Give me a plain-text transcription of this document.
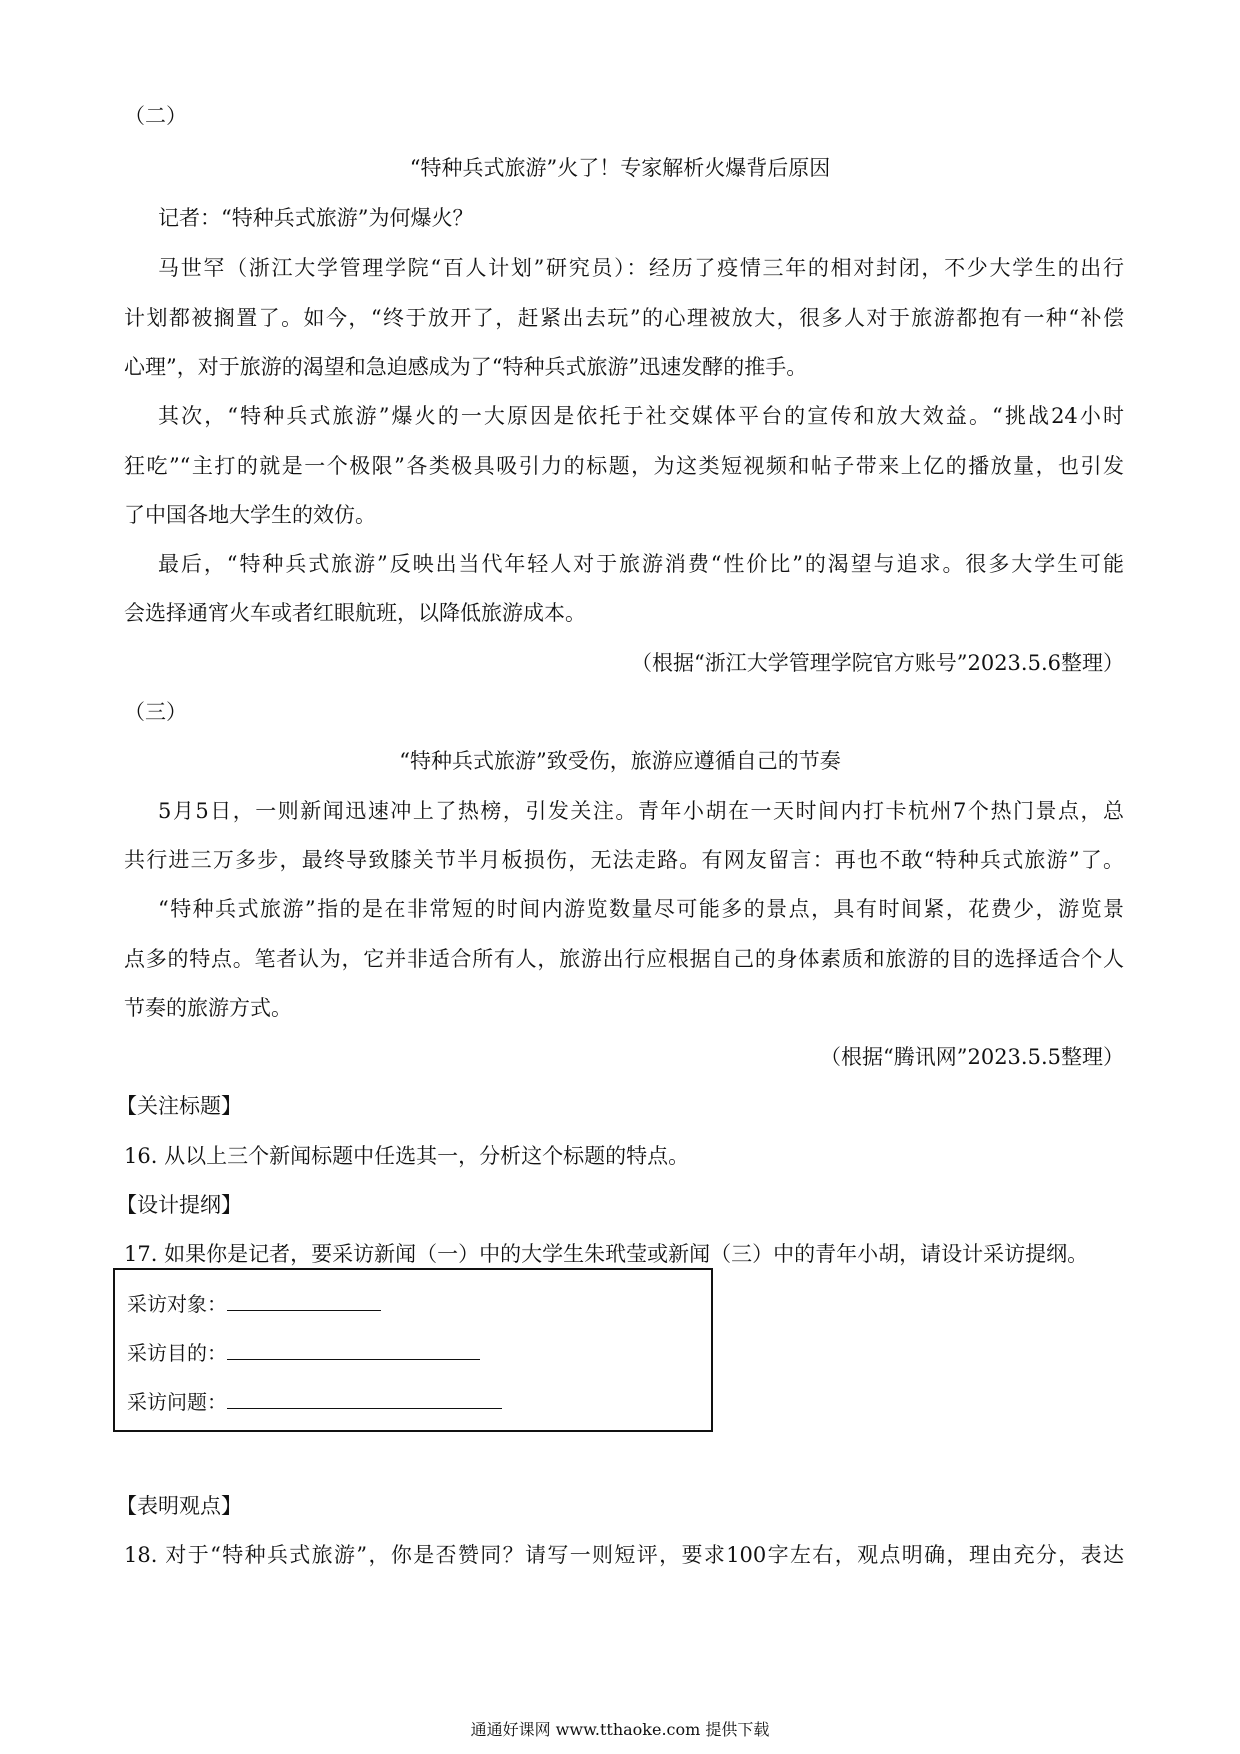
（二）
“特种兵式旅游”火了！专家解析火爆背后原因
记者：“特种兵式旅游”为何爆火？
马世罕（浙江大学管理学院“百人计划”研究员）：经历了疫情三年的相对封闭，不少大学生的出行
计划都被搁置了。如今，“终于放开了，赶紧出去玩”的心理被放大，很多人对于旅游都抱有一种“补偿
心理”，对于旅游的渴望和急迫感成为了“特种兵式旅游”迅速发酵的推手。
其次，“特种兵式旅游”爆火的一大原因是依托于社交媒体平台的宣传和放大效益。“挑战24小时
狂吃”“主打的就是一个极限”各类极具吸引力的标题，为这类短视频和帖子带来上亿的播放量，也引发
了中国各地大学生的效仿。
最后，“特种兵式旅游”反映出当代年轻人对于旅游消费“性价比”的渴望与追求。很多大学生可能
会选择通宵火车或者红眼航班，以降低旅游成本。
（根据“浙江大学管理学院官方账号”2023.5.6整理）
（三）
“特种兵式旅游”致受伤，旅游应遵循自己的节奏
5月5日，一则新闻迅速冲上了热榜，引发关注。青年小胡在一天时间内打卡杭州7个热门景点，总
共行进三万多步，最终导致膝关节半月板损伤，无法走路。有网友留言：再也不敢“特种兵式旅游”了。
“特种兵式旅游”指的是在非常短的时间内游览数量尽可能多的景点，具有时间紧，花费少，游览景
点多的特点。笔者认为，它并非适合所有人，旅游出行应根据自己的身体素质和旅游的目的选择适合个人
节奏的旅游方式。
（根据“腾讯网”2023.5.5整理）
【关注标题】
16. 从以上三个新闻标题中任选其一，分析这个标题的特点。
【设计提纲】
17. 如果你是记者，要采访新闻（一）中的大学生朱玳莹或新闻（三）中的青年小胡，请设计采访提纲。
采访对象：
采访目的：
采访问题：
【表明观点】
18. 对于“特种兵式旅游”，你是否赞同？请写一则短评，要求100字左右，观点明确，理由充分，表达
通通好课网 www.tthaoke.com 提供下载
